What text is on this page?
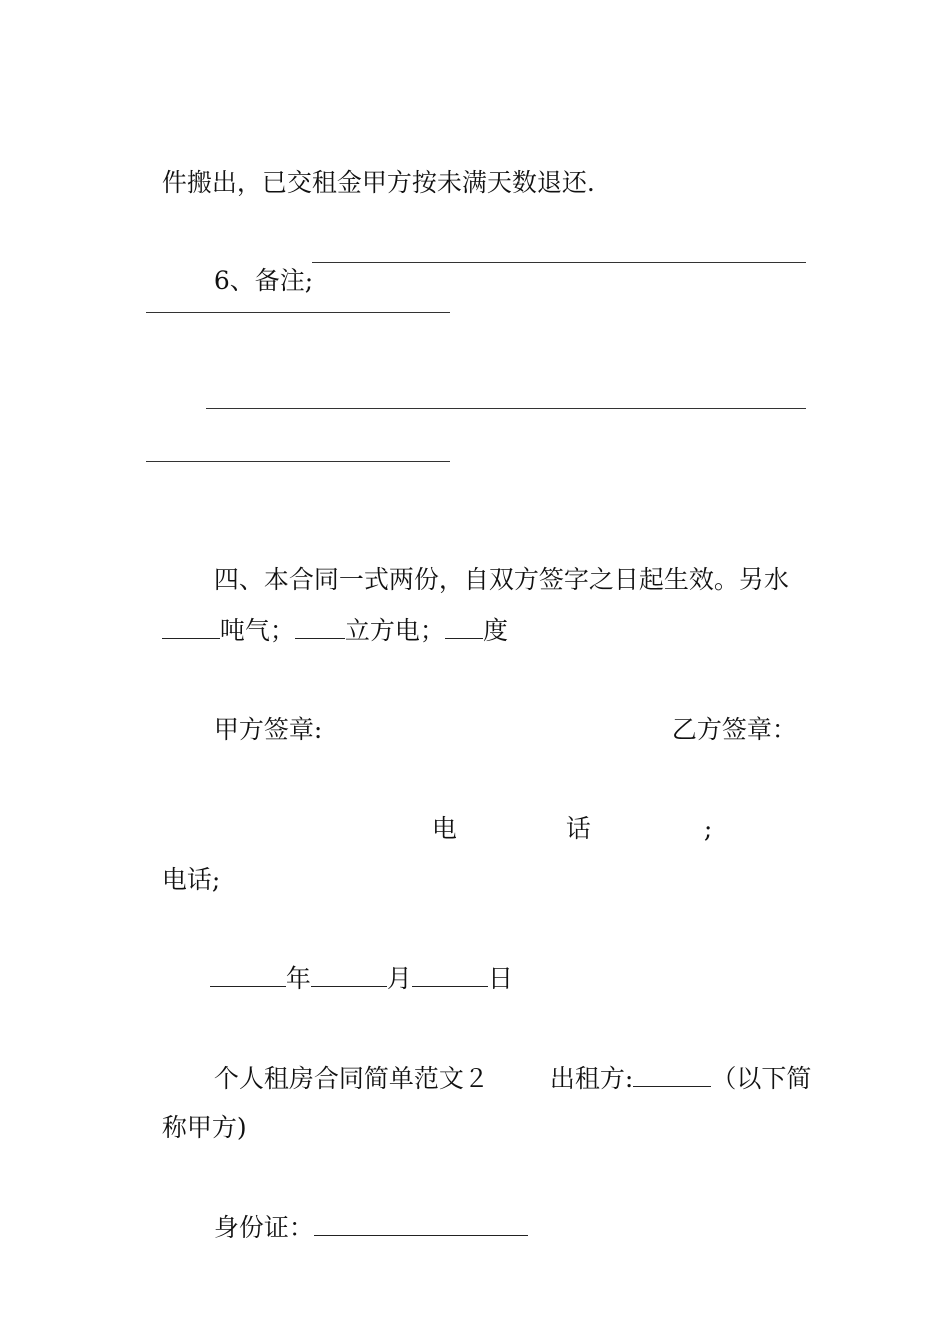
件搬出，已交租金甲方按未满天数退还.

6、备注;

四、本合同一式两份，自双方签字之日起生效。另水

吨气； 立方电； 度

甲方签章:	乙方签章：

电	话	;

电话;

年	月	日

个人租房合同简单范文２	出租方:	（以下简

称甲方)

身份证：
